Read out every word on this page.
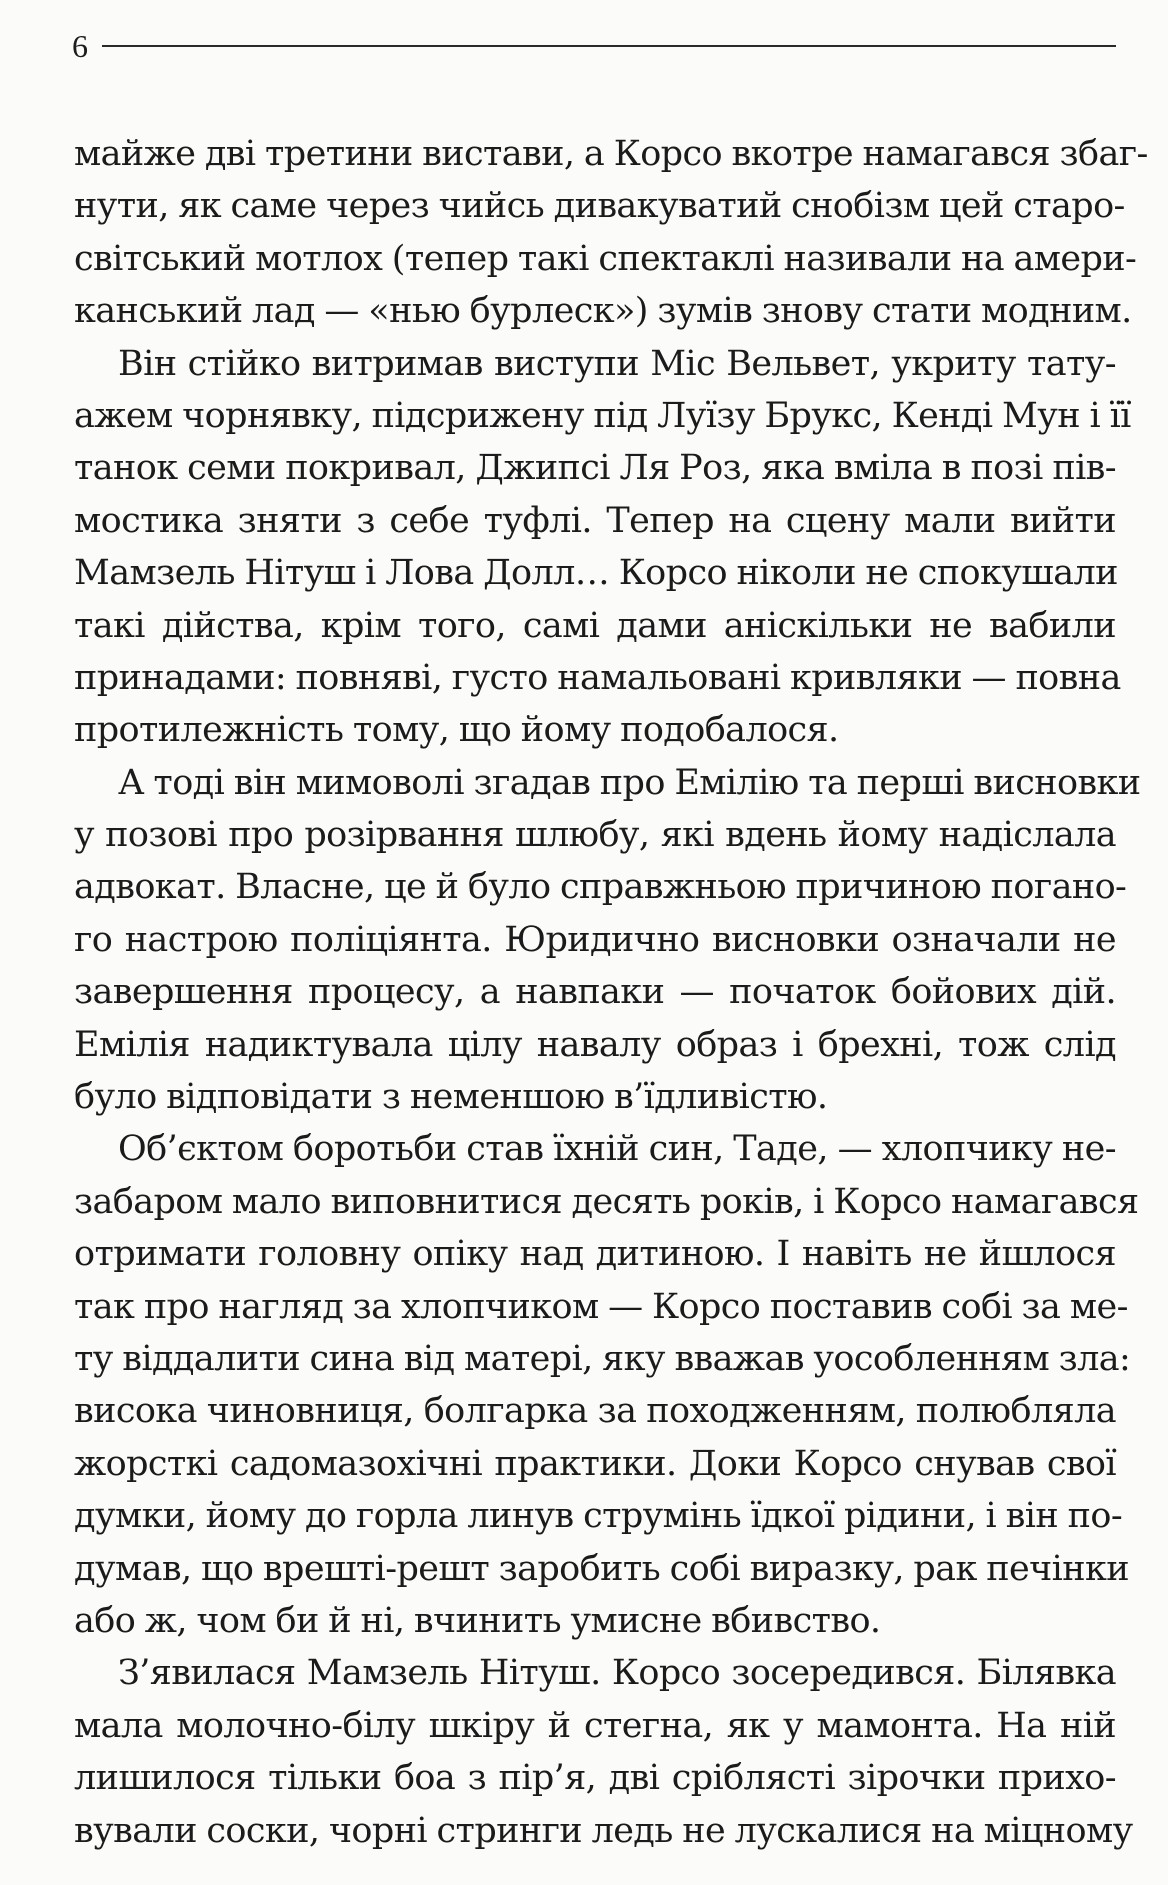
6
майже дві третини вистави, а Корсо вкотре намагався збаг-
нути, як саме через чийсь дивакуватий снобізм цей старо-
світський мотлох (тепер такі спектаклі називали на амери-
канський лад — «нью бурлеск») зумів знову стати модним.
Він стійко витримав виступи Міс Вельвет, укриту тату-
ажем чорнявку, підсрижену під Луїзу Брукс, Кенді Мун і її
танок семи покривал, Джипсі Ля Роз, яка вміла в позі пів-
мостика зняти з себе туфлі. Тепер на сцену мали вийти
Мамзель Нітуш і Лова Долл… Корсо ніколи не спокушали
такі дійства, крім того, самі дами аніскільки не вабили
принадами: повняві, густо намальовані кривляки — повна
протилежність тому, що йому подобалося.
А тоді він мимоволі згадав про Емілію та перші висновки
у позові про розірвання шлюбу, які вдень йому надіслала
адвокат. Власне, це й було справжньою причиною погано-
го настрою поліціянта. Юридично висновки означали не
завершення процесу, а навпаки — початок бойових дій.
Емілія надиктувала цілу навалу образ і брехні, тож слід
було відповідати з неменшою в’їдливістю.
Об’єктом боротьби став їхній син, Таде, — хлопчику не-
забаром мало виповнитися десять років, і Корсо намагався
отримати головну опіку над дитиною. І навіть не йшлося
так про нагляд за хлопчиком — Корсо поставив собі за ме-
ту віддалити сина від матері, яку вважав уособленням зла:
висока чиновниця, болгарка за походженням, полюбляла
жорсткі садомазохічні практики. Доки Корсо снував свої
думки, йому до горла линув струмінь їдкої рідини, і він по-
думав, що врешті-решт заробить собі виразку, рак печінки
або ж, чом би й ні, вчинить умисне вбивство.
З’явилася Мамзель Нітуш. Корсо зосередився. Білявка
мала молочно-білу шкіру й стегна, як у мамонта. На ній
лишилося тільки боа з пір’я, дві сріблясті зірочки прихо-
вували соски, чорні стринги ледь не лускалися на міцному
